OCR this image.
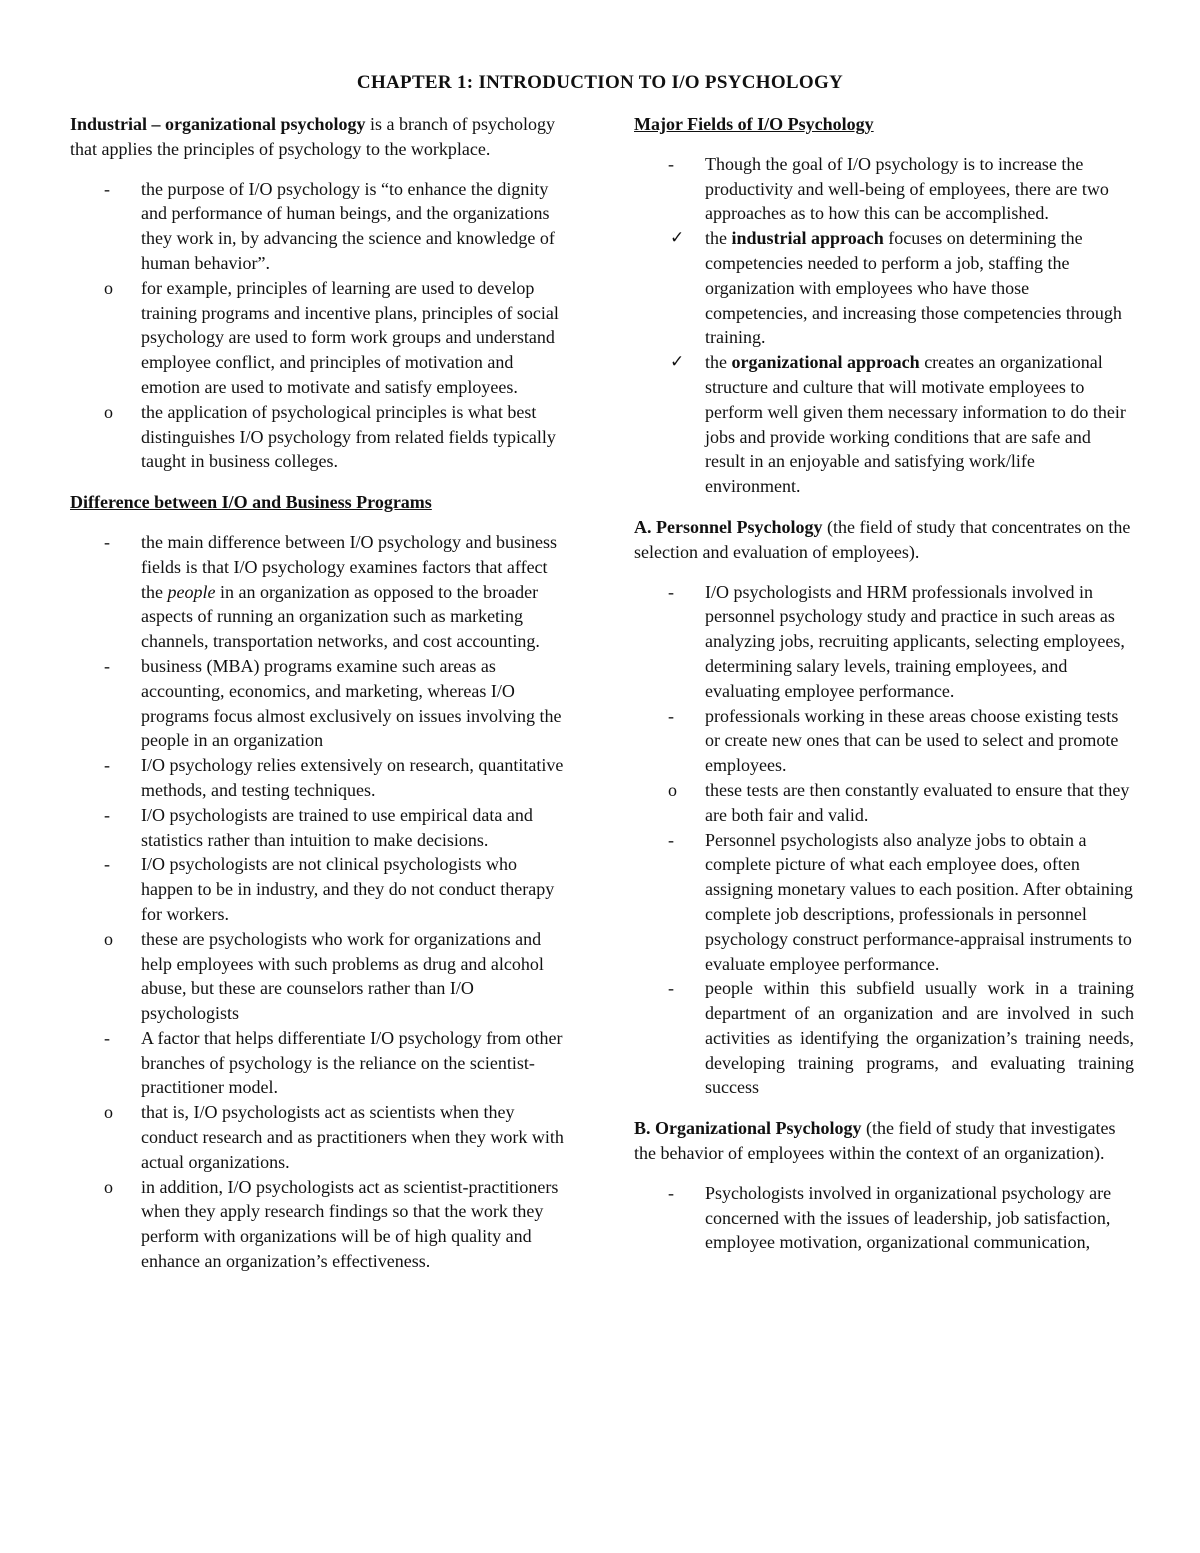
CHAPTER 1: INTRODUCTION TO I/O PSYCHOLOGY

Industrial – organizational psychology is a branch of psychology that applies the principles of psychology to the workplace.

- the purpose of I/O psychology is “to enhance the dignity and performance of human beings, and the organizations they work in, by advancing the science and knowledge of human behavior”.
o for example, principles of learning are used to develop training programs and incentive plans, principles of social psychology are used to form work groups and understand employee conflict, and principles of motivation and emotion are used to motivate and satisfy employees.
o the application of psychological principles is what best distinguishes I/O psychology from related fields typically taught in business colleges.

Difference between I/O and Business Programs

- the main difference between I/O psychology and business fields is that I/O psychology examines factors that affect the people in an organization as opposed to the broader aspects of running an organization such as marketing channels, transportation networks, and cost accounting.
- business (MBA) programs examine such areas as accounting, economics, and marketing, whereas I/O programs focus almost exclusively on issues involving the people in an organization
- I/O psychology relies extensively on research, quantitative methods, and testing techniques.
- I/O psychologists are trained to use empirical data and statistics rather than intuition to make decisions.
- I/O psychologists are not clinical psychologists who happen to be in industry, and they do not conduct therapy for workers.
o these are psychologists who work for organizations and help employees with such problems as drug and alcohol abuse, but these are counselors rather than I/O psychologists
- A factor that helps differentiate I/O psychology from other branches of psychology is the reliance on the scientist-practitioner model.
o that is, I/O psychologists act as scientists when they conduct research and as practitioners when they work with actual organizations.
o in addition, I/O psychologists act as scientist-practitioners when they apply research findings so that the work they perform with organizations will be of high quality and enhance an organization’s effectiveness.

Major Fields of I/O Psychology

- Though the goal of I/O psychology is to increase the productivity and well-being of employees, there are two approaches as to how this can be accomplished.
✓ the industrial approach focuses on determining the competencies needed to perform a job, staffing the organization with employees who have those competencies, and increasing those competencies through training.
✓ the organizational approach creates an organizational structure and culture that will motivate employees to perform well given them necessary information to do their jobs and provide working conditions that are safe and result in an enjoyable and satisfying work/life environment.

A. Personnel Psychology (the field of study that concentrates on the selection and evaluation of employees).

- I/O psychologists and HRM professionals involved in personnel psychology study and practice in such areas as analyzing jobs, recruiting applicants, selecting employees, determining salary levels, training employees, and evaluating employee performance.
- professionals working in these areas choose existing tests or create new ones that can be used to select and promote employees.
o these tests are then constantly evaluated to ensure that they are both fair and valid.
- Personnel psychologists also analyze jobs to obtain a complete picture of what each employee does, often assigning monetary values to each position. After obtaining complete job descriptions, professionals in personnel psychology construct performance-appraisal instruments to evaluate employee performance.
- people within this subfield usually work in a training department of an organization and are involved in such activities as identifying the organization’s training needs, developing training programs, and evaluating training success

B. Organizational Psychology (the field of study that investigates the behavior of employees within the context of an organization).

- Psychologists involved in organizational psychology are concerned with the issues of leadership, job satisfaction, employee motivation, organizational communication,
